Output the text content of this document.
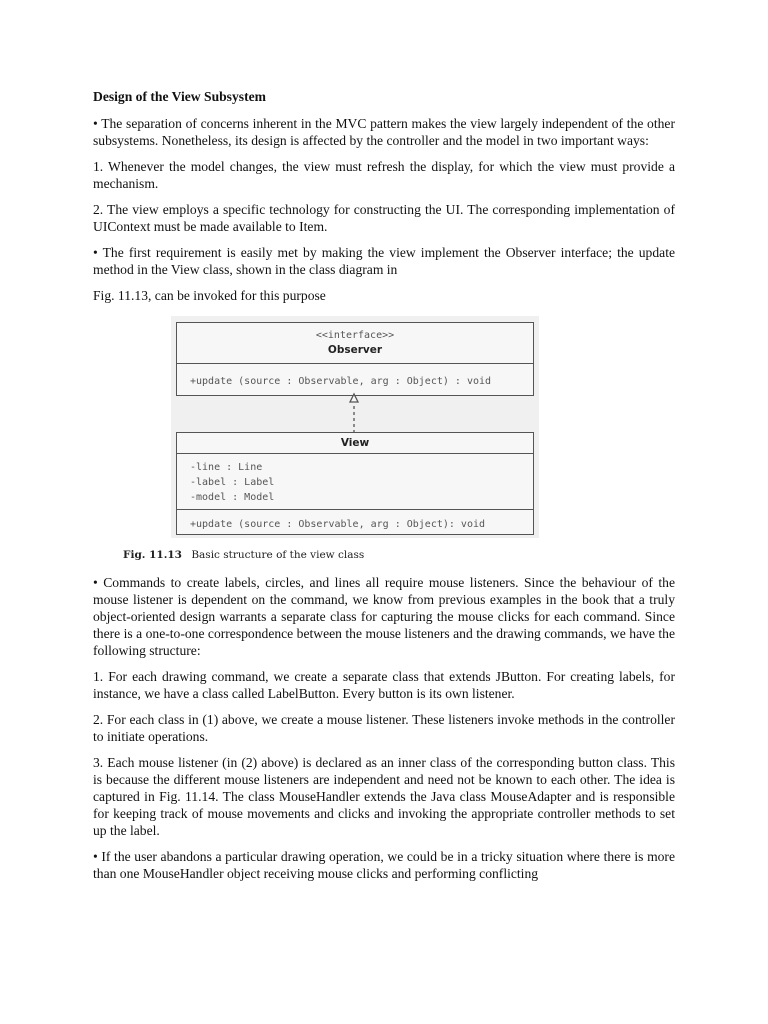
Design of the View Subsystem

• The separation of concerns inherent in the MVC pattern makes the view largely independent of the other subsystems. Nonetheless, its design is affected by the controller and the model in two important ways:

1. Whenever the model changes, the view must refresh the display, for which the view must provide a mechanism.

2. The view employs a specific technology for constructing the UI. The corresponding implementation of UIContext must be made available to Item.

• The first requirement is easily met by making the view implement the Observer interface; the update method in the View class, shown in the class diagram in

Fig. 11.13, can be invoked for this purpose

<<interface>>
Observer
+update (source : Observable, arg : Object) : void
View
-line : Line
-label : Label
-model : Model
+update (source : Observable, arg : Object): void
Fig. 11.13 Basic structure of the view class

• Commands to create labels, circles, and lines all require mouse listeners. Since the behaviour of the mouse listener is dependent on the command, we know from previous examples in the book that a truly object-oriented design warrants a separate class for capturing the mouse clicks for each command. Since there is a one-to-one correspondence between the mouse listeners and the drawing commands, we have the following structure:

1. For each drawing command, we create a separate class that extends JButton. For creating labels, for instance, we have a class called LabelButton. Every button is its own listener.

2. For each class in (1) above, we create a mouse listener. These listeners invoke methods in the controller to initiate operations.

3. Each mouse listener (in (2) above) is declared as an inner class of the corresponding button class. This is because the different mouse listeners are independent and need not be known to each other. The idea is captured in Fig. 11.14. The class MouseHandler extends the Java class MouseAdapter and is responsible for keeping track of mouse movements and clicks and invoking the appropriate controller methods to set up the label.

• If the user abandons a particular drawing operation, we could be in a tricky situation where there is more than one MouseHandler object receiving mouse clicks and performing conflicting
